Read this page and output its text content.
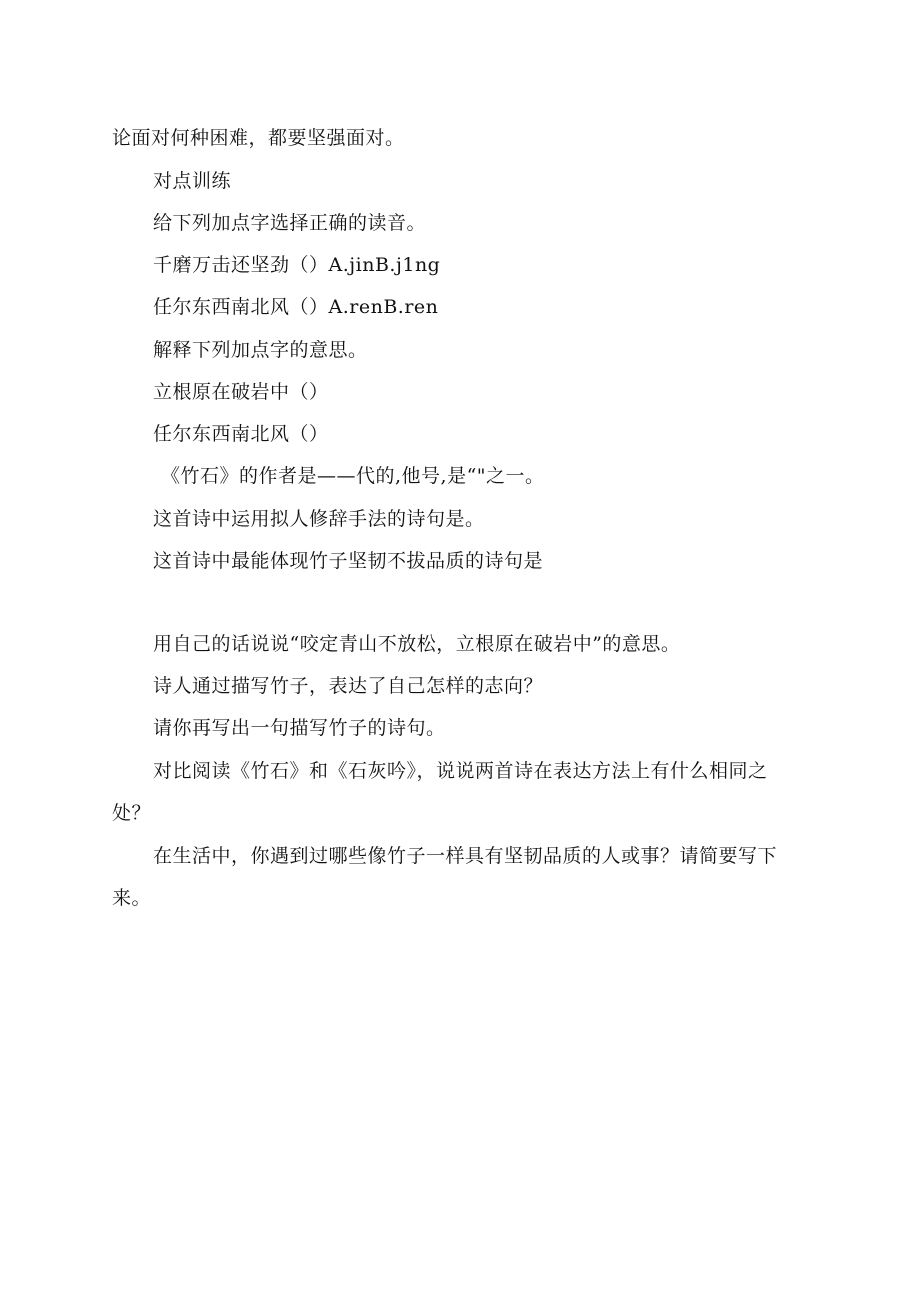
论面对何种困难，都要坚强面对。
对点训练
给下列加点字选择正确的读音。
千磨万击还坚劲（）A.jinB.j1ng
任尔东西南北风（）A.renB.ren
解释下列加点字的意思。
立根原在破岩中（）
任尔东西南北风（）
《竹石》的作者是——代的,他号,是“"之一。
这首诗中运用拟人修辞手法的诗句是。
这首诗中最能体现竹子坚韧不拔品质的诗句是
用自己的话说说“咬定青山不放松，立根原在破岩中”的意思。
诗人通过描写竹子，表达了自己怎样的志向？
请你再写出一句描写竹子的诗句。
对比阅读《竹石》和《石灰吟》，说说两首诗在表达方法上有什么相同之
处？
在生活中，你遇到过哪些像竹子一样具有坚韧品质的人或事？请简要写下
来。
